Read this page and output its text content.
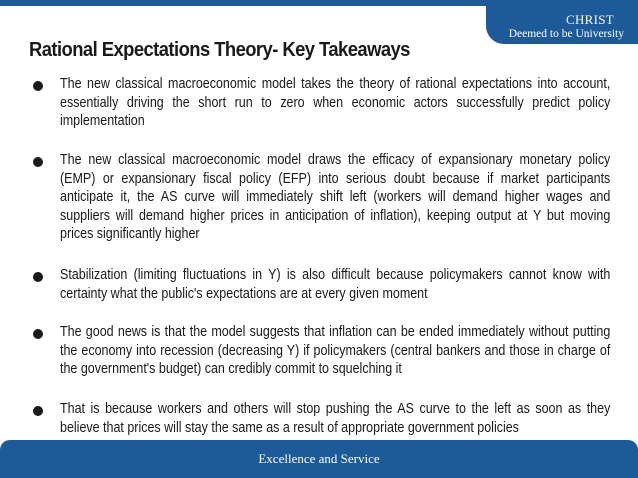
CHRIST
Deemed to be University
Rational Expectations Theory- Key Takeaways

The new classical macroeconomic model takes the theory of rational expectations into account, essentially driving the short run to zero when economic actors successfully predict policy implementation

The new classical macroeconomic model draws the efficacy of expansionary monetary policy (EMP) or expansionary fiscal policy (EFP) into serious doubt because if market participants anticipate it, the AS curve will immediately shift left (workers will demand higher wages and suppliers will demand higher prices in anticipation of inflation), keeping output at Y but moving prices significantly higher

Stabilization (limiting fluctuations in Y) is also difficult because policymakers cannot know with certainty what the public's expectations are at every given moment

The good news is that the model suggests that inflation can be ended immediately without putting the economy into recession (decreasing Y) if policymakers (central bankers and those in charge of the government's budget) can credibly commit to squelching it

That is because workers and others will stop pushing the AS curve to the left as soon as they believe that prices will stay the same as a result of appropriate government policies

Excellence and Service
